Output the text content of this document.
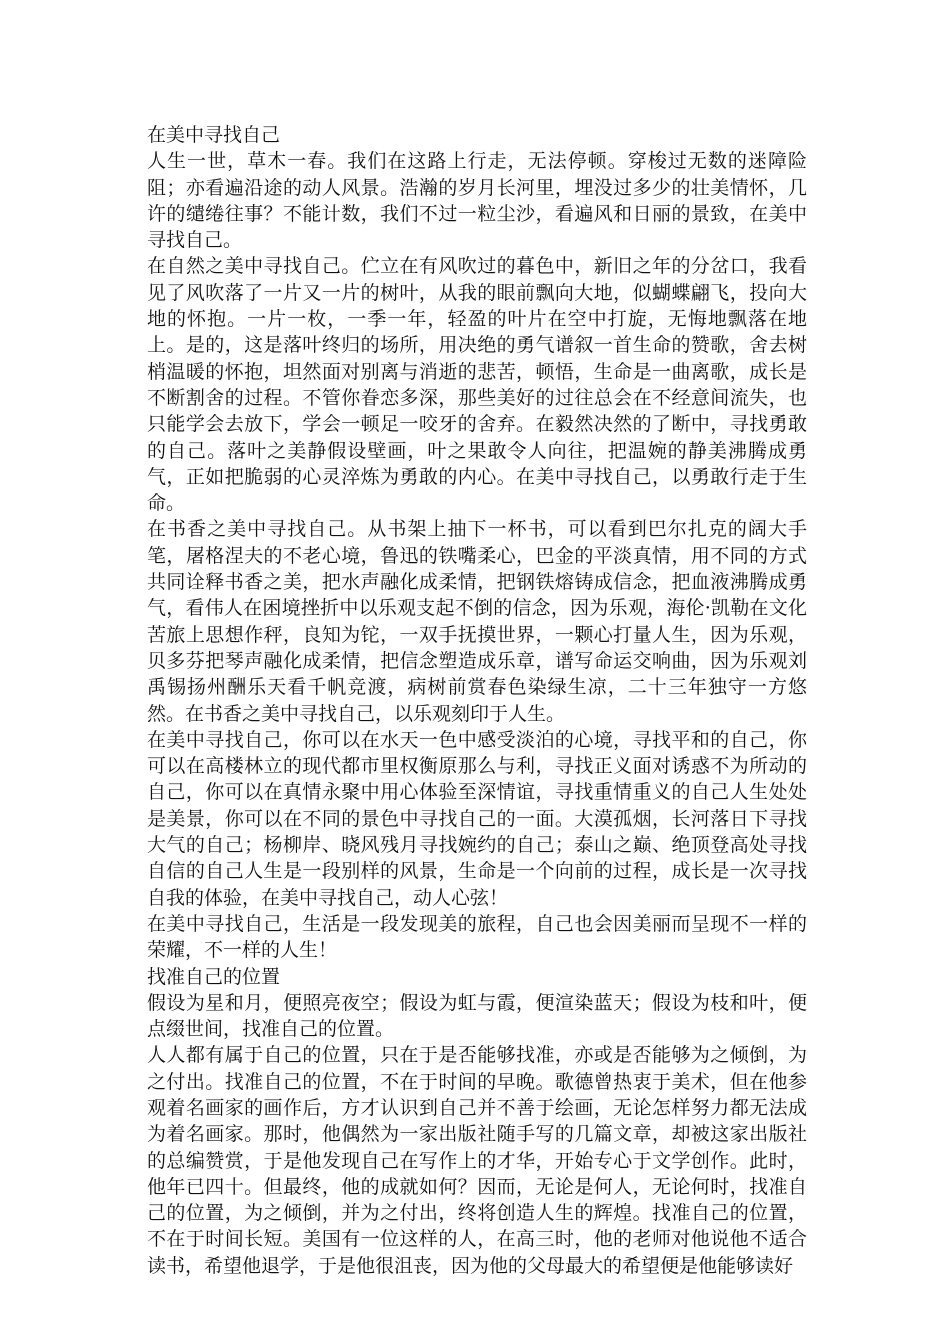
在美中寻找自己

人生一世，草木一春。我们在这路上行走，无法停顿。穿梭过无数的迷障险阻；亦看遍沿途的动人风景。浩瀚的岁月长河里，埋没过多少的壮美情怀，几许的缱绻往事？不能计数，我们不过一粒尘沙，看遍风和日丽的景致，在美中寻找自己。

在自然之美中寻找自己。伫立在有风吹过的暮色中，新旧之年的分岔口，我看见了风吹落了一片又一片的树叶，从我的眼前飘向大地，似蝴蝶翩飞，投向大地的怀抱。一片一枚，一季一年，轻盈的叶片在空中打旋，无悔地飘落在地上。是的，这是落叶终归的场所，用决绝的勇气谱叙一首生命的赞歌，舍去树梢温暖的怀抱，坦然面对别离与消逝的悲苦，顿悟，生命是一曲离歌，成长是不断割舍的过程。不管你眷恋多深，那些美好的过往总会在不经意间流失，也只能学会去放下，学会一顿足一咬牙的舍弃。在毅然决然的了断中，寻找勇敢的自己。落叶之美静假设壁画，叶之果敢令人向往，把温婉的静美沸腾成勇气，正如把脆弱的心灵淬炼为勇敢的内心。在美中寻找自己，以勇敢行走于生命。

在书香之美中寻找自己。从书架上抽下一杯书，可以看到巴尔扎克的阔大手笔，屠格涅夫的不老心境，鲁迅的铁嘴柔心，巴金的平淡真情，用不同的方式共同诠释书香之美，把水声融化成柔情，把钢铁熔铸成信念，把血液沸腾成勇气，看伟人在困境挫折中以乐观支起不倒的信念，因为乐观，海伦·凯勒在文化苦旅上思想作秤，良知为铊，一双手抚摸世界，一颗心打量人生，因为乐观，贝多芬把琴声融化成柔情，把信念塑造成乐章，谱写命运交响曲，因为乐观刘禹锡扬州酬乐天看千帆竞渡，病树前赏春色染绿生凉，二十三年独守一方悠然。在书香之美中寻找自己，以乐观刻印于人生。

在美中寻找自己，你可以在水天一色中感受淡泊的心境，寻找平和的自己，你可以在高楼林立的现代都市里权衡原那么与利，寻找正义面对诱惑不为所动的自己，你可以在真情永聚中用心体验至深情谊，寻找重情重义的自己人生处处是美景，你可以在不同的景色中寻找自己的一面。大漠孤烟，长河落日下寻找大气的自己；杨柳岸、晓风残月寻找婉约的自己；泰山之巅、绝顶登高处寻找自信的自己人生是一段别样的风景，生命是一个向前的过程，成长是一次寻找自我的体验，在美中寻找自己，动人心弦！

在美中寻找自己，生活是一段发现美的旅程，自己也会因美丽而呈现不一样的荣耀，不一样的人生！

找准自己的位置

假设为星和月，便照亮夜空；假设为虹与霞，便渲染蓝天；假设为枝和叶，便点缀世间，找准自己的位置。

人人都有属于自己的位置，只在于是否能够找准，亦或是否能够为之倾倒，为之付出。找准自己的位置，不在于时间的早晚。歌德曾热衷于美术，但在他参观着名画家的画作后，方才认识到自己并不善于绘画，无论怎样努力都无法成为着名画家。那时，他偶然为一家出版社随手写的几篇文章，却被这家出版社的总编赞赏，于是他发现自己在写作上的才华，开始专心于文学创作。此时，他年已四十。但最终，他的成就如何？因而，无论是何人，无论何时，找准自己的位置，为之倾倒，并为之付出，终将创造人生的辉煌。找准自己的位置，不在于时间长短。美国有一位这样的人，在高三时，他的老师对他说他不适合读书，希望他退学，于是他很沮丧，因为他的父母最大的希望便是他能够读好
